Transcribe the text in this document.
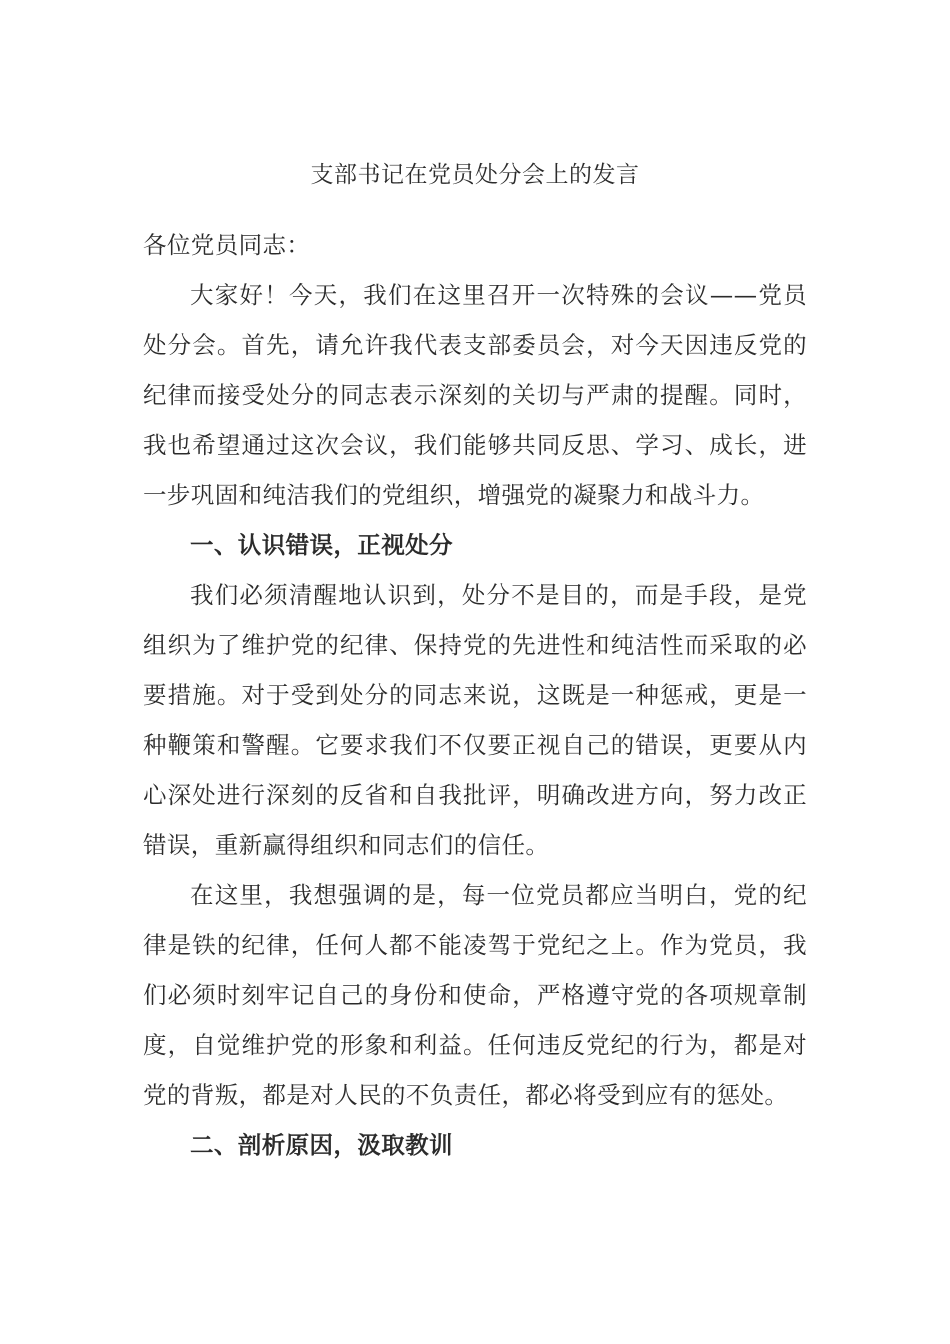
支部书记在党员处分会上的发言

各位党员同志：

大家好！今天，我们在这里召开一次特殊的会议——党员处分会。首先，请允许我代表支部委员会，对今天因违反党的纪律而接受处分的同志表示深刻的关切与严肃的提醒。同时，我也希望通过这次会议，我们能够共同反思、学习、成长，进一步巩固和纯洁我们的党组织，增强党的凝聚力和战斗力。

一、认识错误，正视处分

我们必须清醒地认识到，处分不是目的，而是手段，是党组织为了维护党的纪律、保持党的先进性和纯洁性而采取的必要措施。对于受到处分的同志来说，这既是一种惩戒，更是一种鞭策和警醒。它要求我们不仅要正视自己的错误，更要从内心深处进行深刻的反省和自我批评，明确改进方向，努力改正错误，重新赢得组织和同志们的信任。

在这里，我想强调的是，每一位党员都应当明白，党的纪律是铁的纪律，任何人都不能凌驾于党纪之上。作为党员，我们必须时刻牢记自己的身份和使命，严格遵守党的各项规章制度，自觉维护党的形象和利益。任何违反党纪的行为，都是对党的背叛，都是对人民的不负责任，都必将受到应有的惩处。

二、剖析原因，汲取教训
